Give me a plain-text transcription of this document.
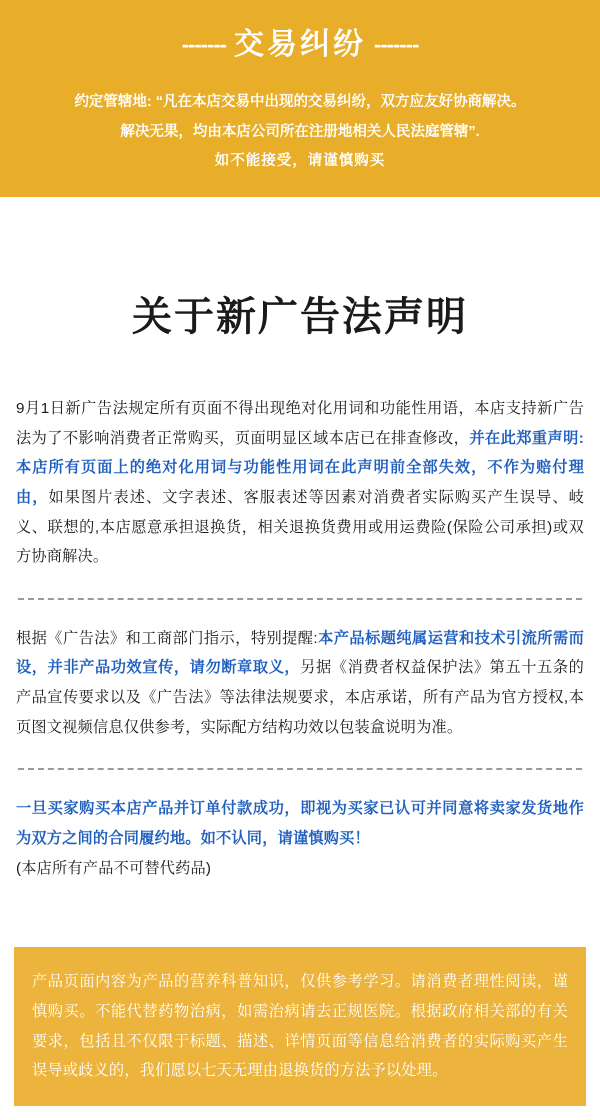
------- 交易纠纷 -------
约定管辖地: “凡在本店交易中出现的交易纠纷，双方应友好协商解决。
解决无果，均由本店公司所在注册地相关人民法庭管辖”.
如不能接受，请谨慎购买
关于新广告法声明

9月1日新广告法规定所有页面不得出现绝对化用词和功能性用语，本店支持新广告法为了不影响消费者正常购买，页面明显区域本店已在排查修改，并在此郑重声明:本店所有页面上的绝对化用词与功能性用词在此声明前全部失效，不作为赔付理由，如果图片表述、文字表述、客服表述等因素对消费者实际购买产生误导、岐义、联想的,本店愿意承担退换货，相关退换货费用或用运费险(保险公司承担)或双方协商解决。

根据《广告法》和工商部门指示，特别提醒:本产品标题纯属运营和技术引流所需而设，并非产品功效宣传，请勿断章取义，另据《消费者权益保护法》第五十五条的产品宣传要求以及《广告法》等法律法规要求，本店承诺，所有产品为官方授权,本页图文视频信息仅供参考，实际配方结构功效以包装盒说明为准。

一旦买家购买本店产品并订单付款成功，即视为买家已认可并同意将卖家发货地作为双方之间的合同履约地。如不认同，请谨慎购买！
(本店所有产品不可替代药品)

产品页面内容为产品的营养科普知识，仅供参考学习。请消费者理性阅读，谨慎购买。不能代替药物治病，如需治病请去正规医院。根据政府相关部的有关要求，包括且不仅限于标题、描述、详情页面等信息给消费者的实际购买产生误导或歧义的，我们愿以七天无理由退换货的方法予以处理。
